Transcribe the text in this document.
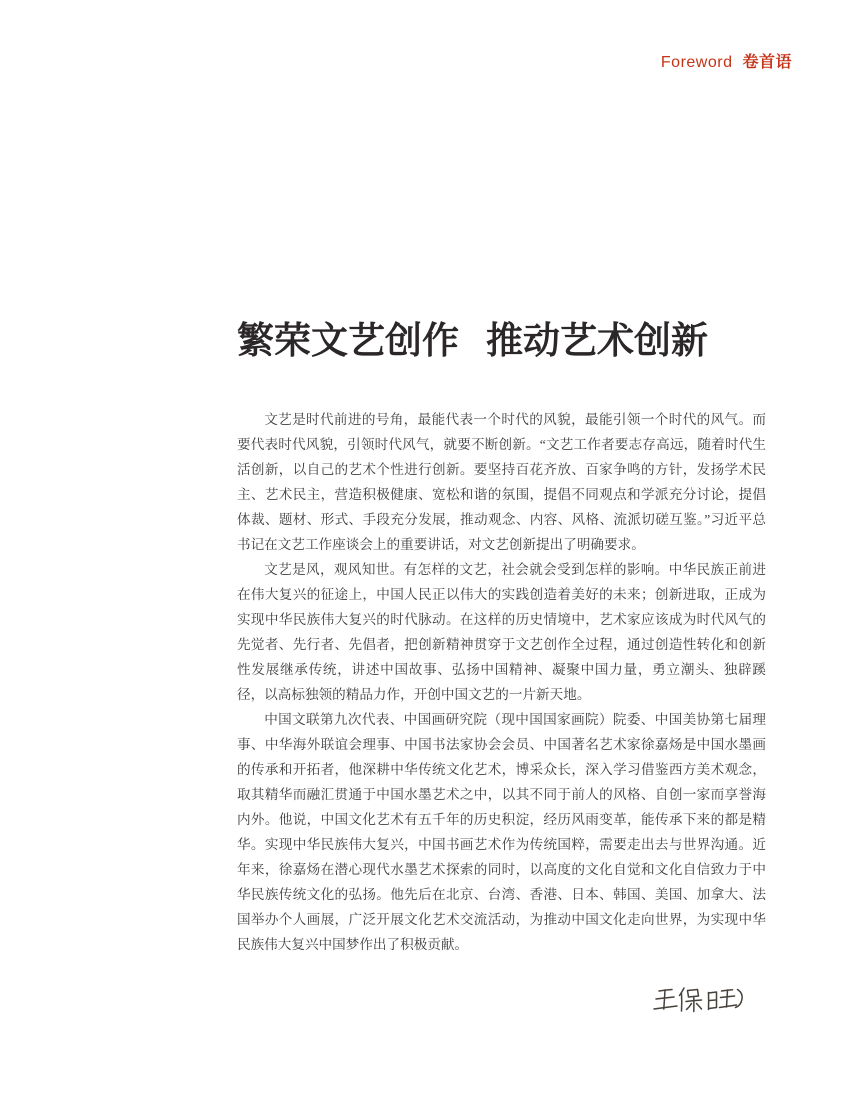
Foreword 卷首语
繁荣文艺创作 推动艺术创新

文艺是时代前进的号角，最能代表一个时代的风貌，最能引领一个时代的风气。而要代表时代风貌，引领时代风气，就要不断创新。“文艺工作者要志存高远，随着时代生活创新，以自己的艺术个性进行创新。要坚持百花齐放、百家争鸣的方针，发扬学术民主、艺术民主，营造积极健康、宽松和谐的氛围，提倡不同观点和学派充分讨论，提倡体裁、题材、形式、手段充分发展，推动观念、内容、风格、流派切磋互鉴。”习近平总书记在文艺工作座谈会上的重要讲话，对文艺创新提出了明确要求。

文艺是风，观风知世。有怎样的文艺，社会就会受到怎样的影响。中华民族正前进在伟大复兴的征途上，中国人民正以伟大的实践创造着美好的未来；创新进取，正成为实现中华民族伟大复兴的时代脉动。在这样的历史情境中，艺术家应该成为时代风气的先觉者、先行者、先倡者，把创新精神贯穿于文艺创作全过程，通过创造性转化和创新性发展继承传统，讲述中国故事、弘扬中国精神、凝聚中国力量，勇立潮头、独辟蹊径，以高标独领的精品力作，开创中国文艺的一片新天地。

中国文联第九次代表、中国画研究院（现中国国家画院）院委、中国美协第七届理事、中华海外联谊会理事、中国书法家协会会员、中国著名艺术家徐嘉炀是中国水墨画的传承和开拓者，他深耕中华传统文化艺术，博采众长，深入学习借鉴西方美术观念，取其精华而融汇贯通于中国水墨艺术之中，以其不同于前人的风格、自创一家而享誉海内外。他说，中国文化艺术有五千年的历史积淀，经历风雨变革，能传承下来的都是精华。实现中华民族伟大复兴，中国书画艺术作为传统国粹，需要走出去与世界沟通。近年来，徐嘉炀在潜心现代水墨艺术探索的同时，以高度的文化自觉和文化自信致力于中华民族传统文化的弘扬。他先后在北京、台湾、香港、日本、韩国、美国、加拿大、法国举办个人画展，广泛开展文化艺术交流活动，为推动中国文化走向世界，为实现中华民族伟大复兴中国梦作出了积极贡献。
